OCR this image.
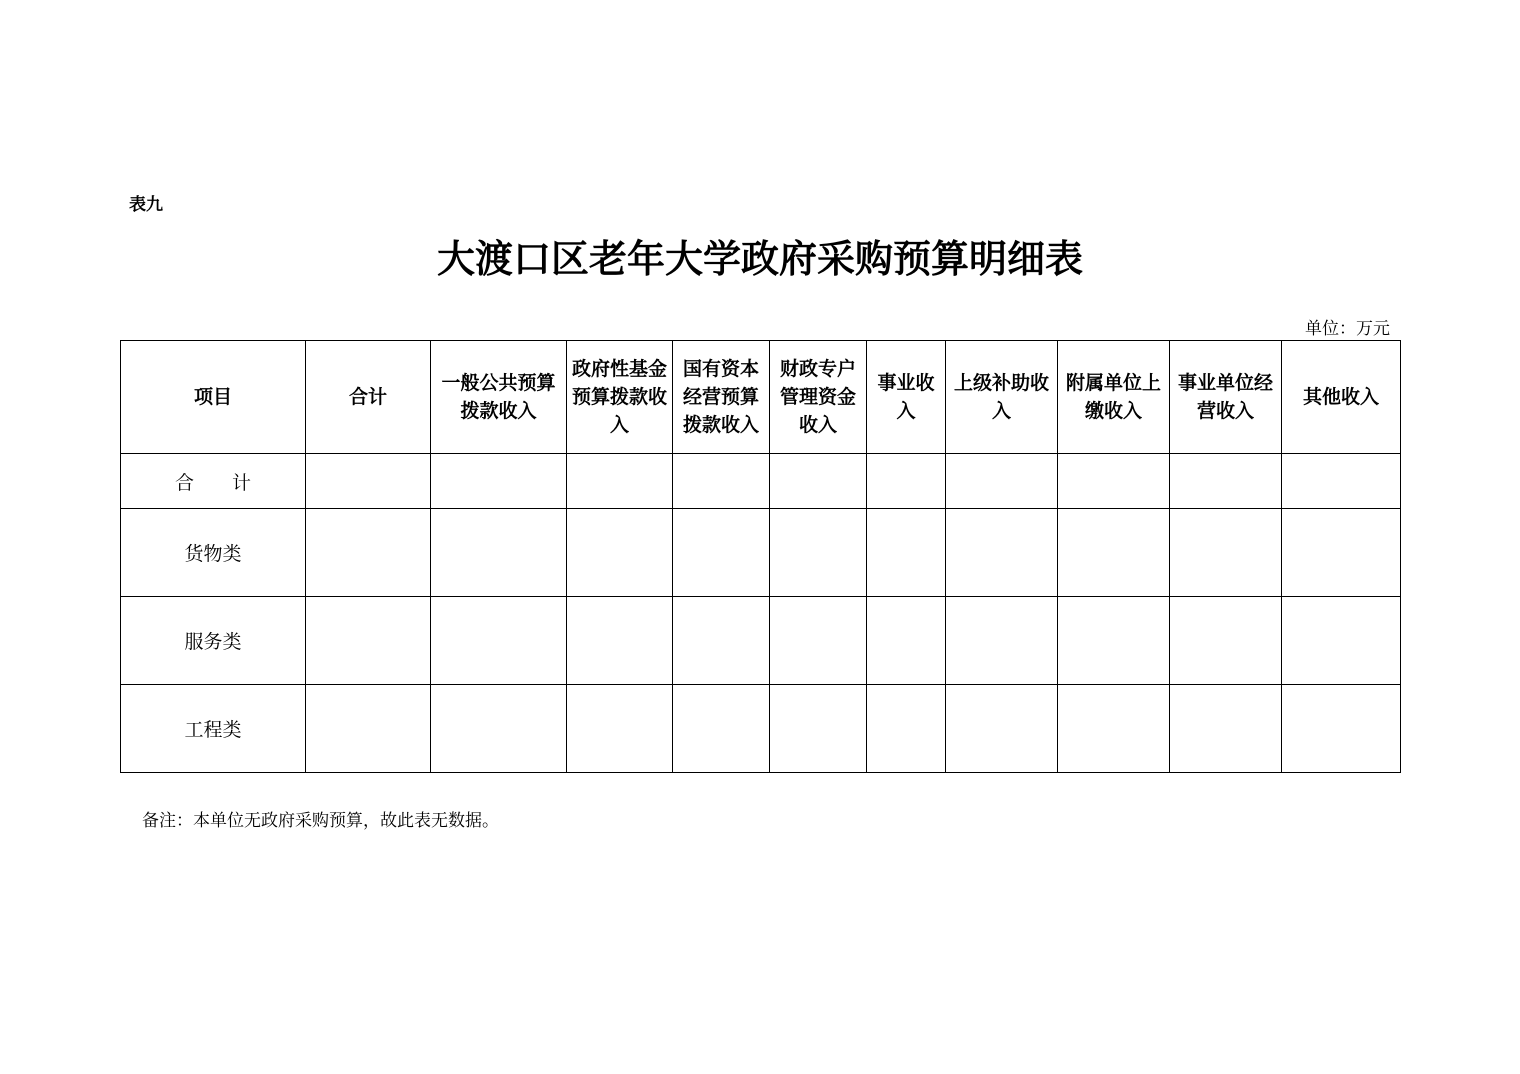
表九
大渡口区老年大学政府采购预算明细表
单位：万元
项目	合计	一般公共预算拨款收入	政府性基金预算拨款收入	国有资本经营预算拨款收入	财政专户管理资金收入	事业收入	上级补助收入	附属单位上缴收入	事业单位经营收入	其他收入
合　　计										
货物类										
服务类										
工程类										
备注：本单位无政府采购预算，故此表无数据。
